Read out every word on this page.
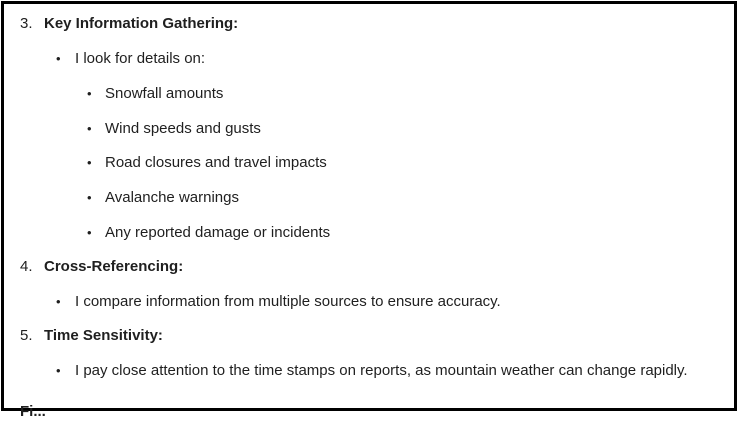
3. Key Information Gathering:
• I look for details on:
• Snowfall amounts
• Wind speeds and gusts
• Road closures and travel impacts
• Avalanche warnings
• Any reported damage or incidents
4. Cross-Referencing:
• I compare information from multiple sources to ensure accuracy.
5. Time Sensitivity:
• I pay close attention to the time stamps on reports, as mountain weather can change rapidly.
Fi...
